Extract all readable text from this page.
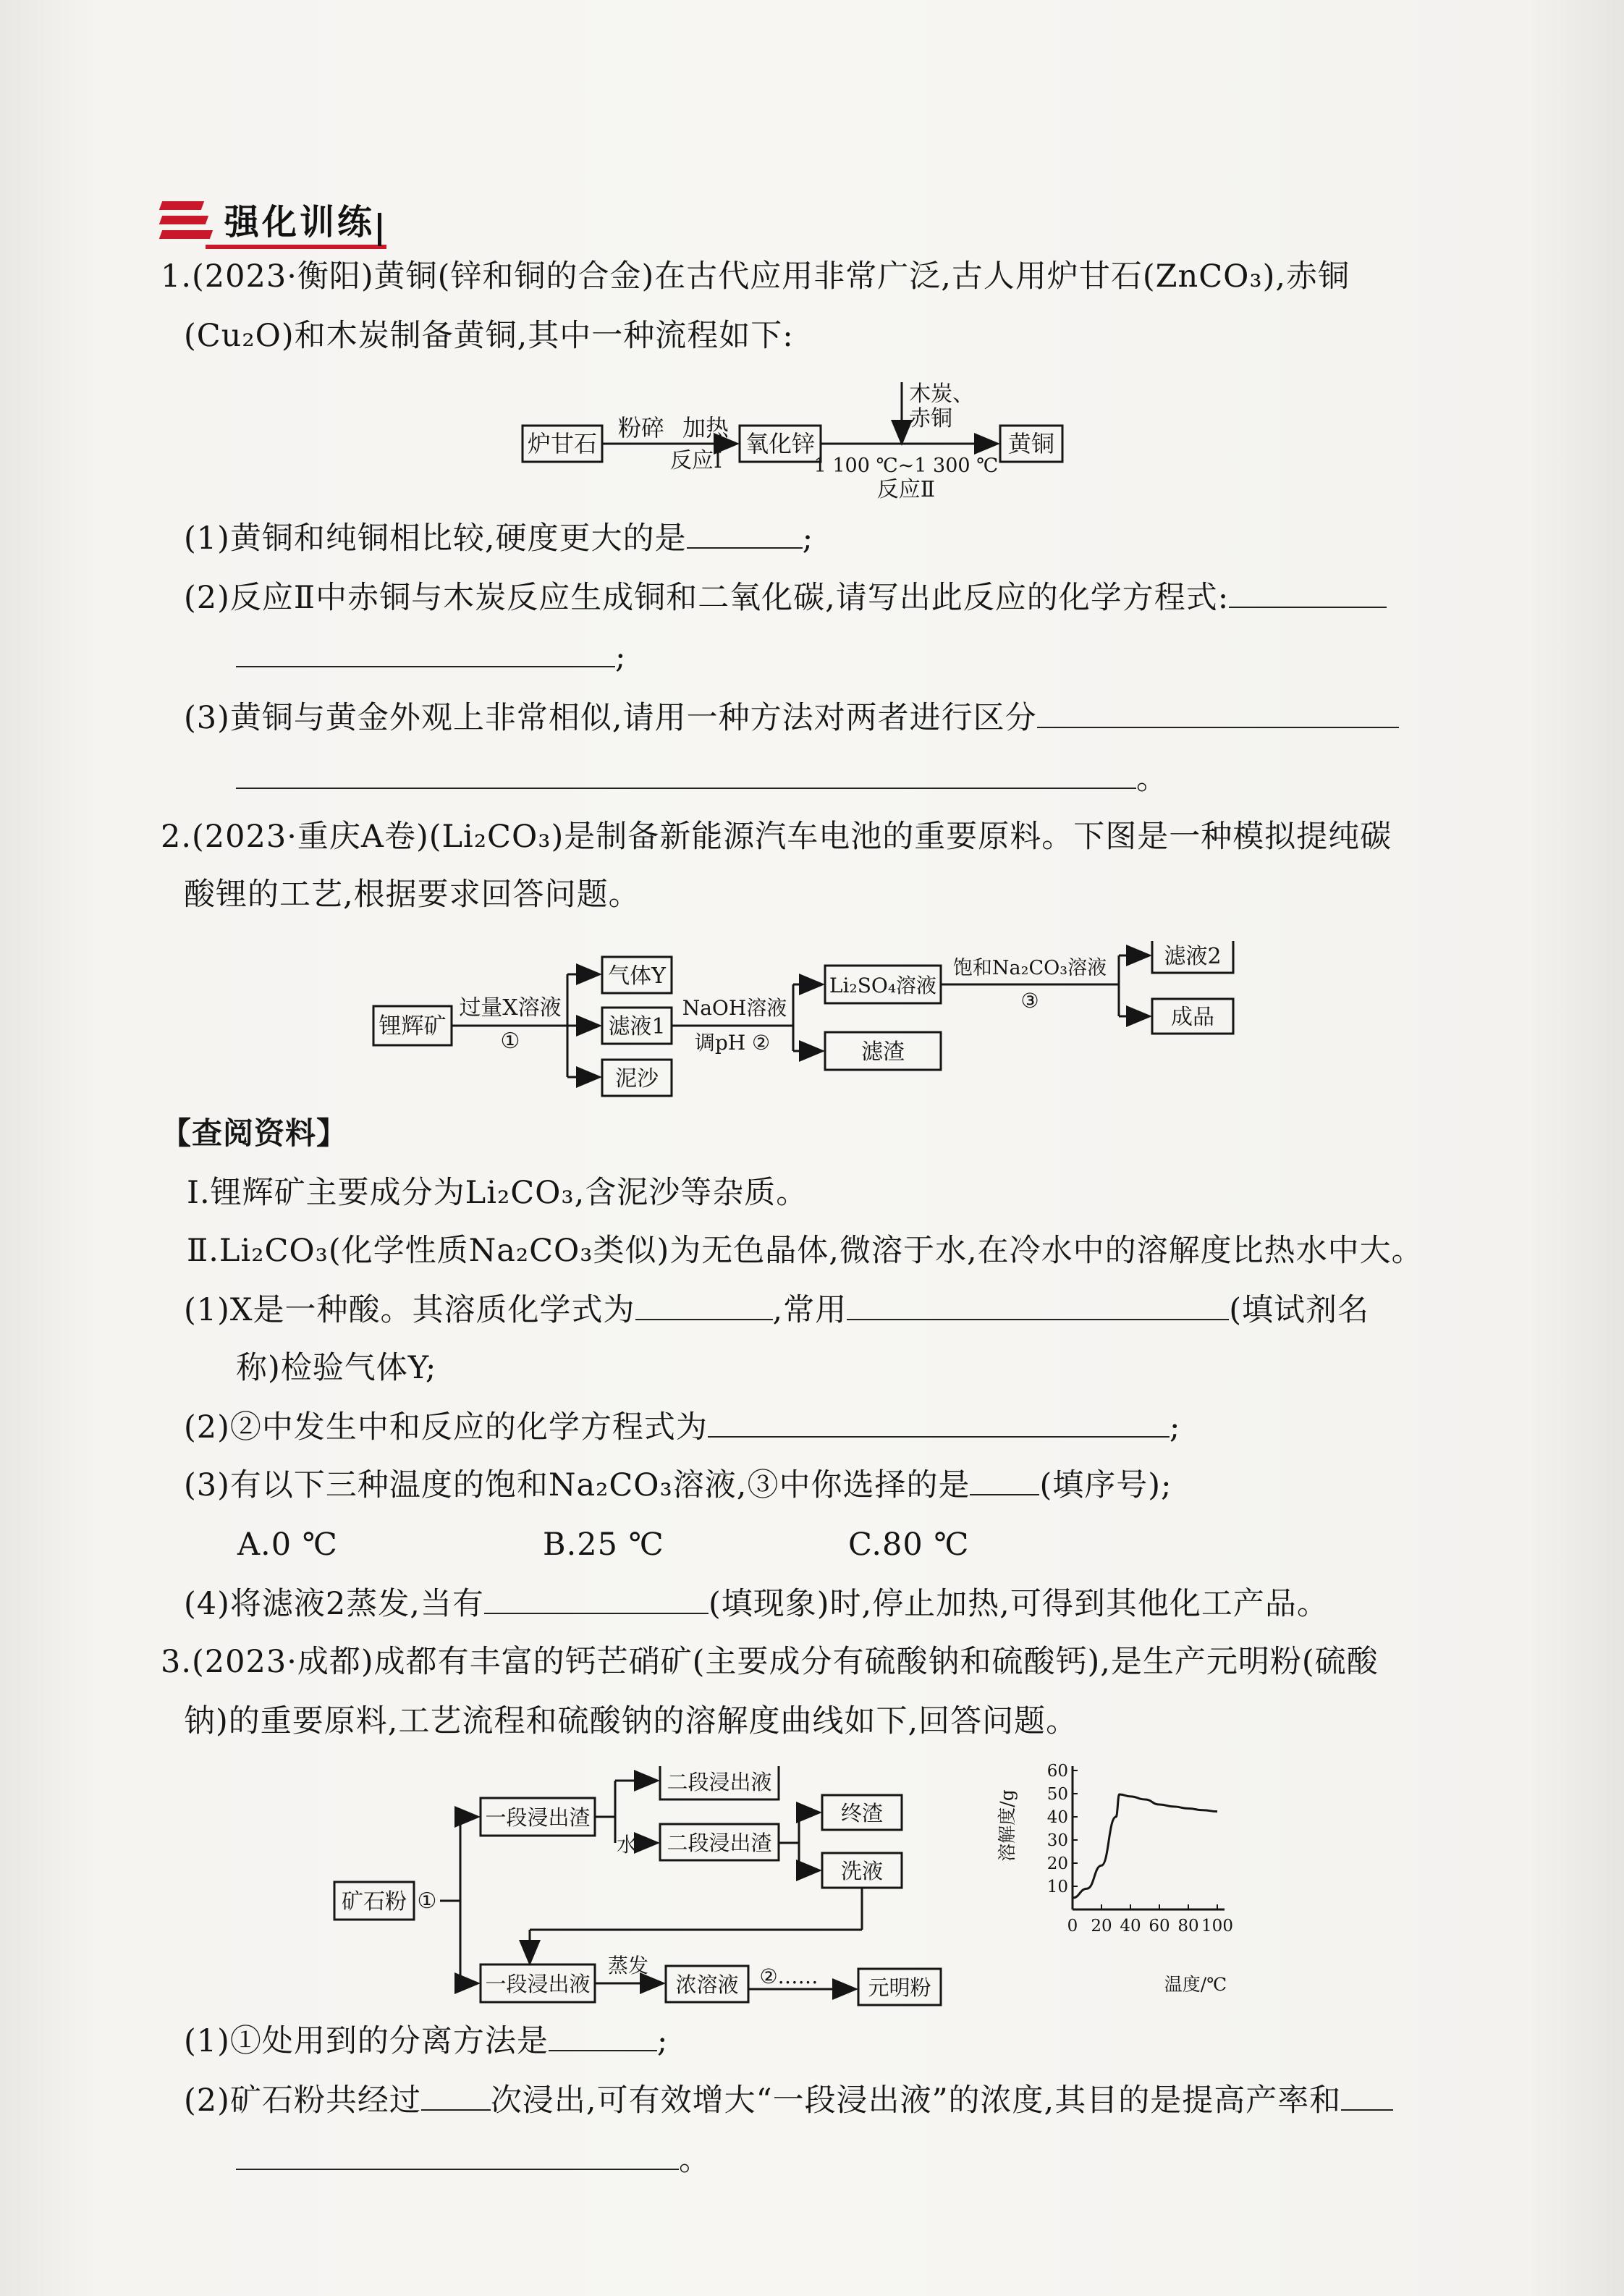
强化训练
1.(2023·衡阳)黄铜(锌和铜的合金)在古代应用非常广泛,古人用炉甘石(ZnCO₃),赤铜
(Cu₂O)和木炭制备黄铜,其中一种流程如下:
炉甘石
粉碎 加热
反应Ⅰ
氧化锌
木炭、
赤铜
1 100 ℃~1 300 ℃
反应Ⅱ
黄铜
(1)黄铜和纯铜相比较,硬度更大的是	;
(2)反应Ⅱ中赤铜与木炭反应生成铜和二氧化碳,请写出此反应的化学方程式:
;
(3)黄铜与黄金外观上非常相似,请用一种方法对两者进行区分
。
2.(2023·重庆A卷)(Li₂CO₃)是制备新能源汽车电池的重要原料。下图是一种模拟提纯碳
酸锂的工艺,根据要求回答问题。
锂辉矿
过量X溶液
①
气体Y
滤液1
泥沙
NaOH溶液
调pH ②
Li₂SO₄溶液
滤渣
饱和Na₂CO₃溶液
③
滤液2
成品
【查阅资料】
Ⅰ.锂辉矿主要成分为Li₂CO₃,含泥沙等杂质。
Ⅱ.Li₂CO₃(化学性质Na₂CO₃类似)为无色晶体,微溶于水,在冷水中的溶解度比热水中大。
(1)X是一种酸。其溶质化学式为	,常用	(填试剂名
称)检验气体Y;
(2)②中发生中和反应的化学方程式为	;
(3)有以下三种温度的饱和Na₂CO₃溶液,③中你选择的是 (填序号);
A.0 ℃	B.25 ℃	C.80 ℃
(4)将滤液2蒸发,当有	(填现象)时,停止加热,可得到其他化工产品。
3.(2023·成都)成都有丰富的钙芒硝矿(主要成分有硫酸钠和硫酸钙),是生产元明粉(硫酸
钠)的重要原料,工艺流程和硫酸钠的溶解度曲线如下,回答问题。
矿石粉 ①
一段浸出渣
二段浸出液
水 二段浸出渣
终渣
洗液
一段浸出液
蒸发
浓溶液 ②…… 元明粉
10
20
30
40
50
60
0 20 40 60 80 100
溶解度/g
温度/℃
(1)①处用到的分离方法是	;
(2)矿石粉共经过 次浸出,可有效增大“一段浸出液”的浓度,其目的是提高产率和
。
